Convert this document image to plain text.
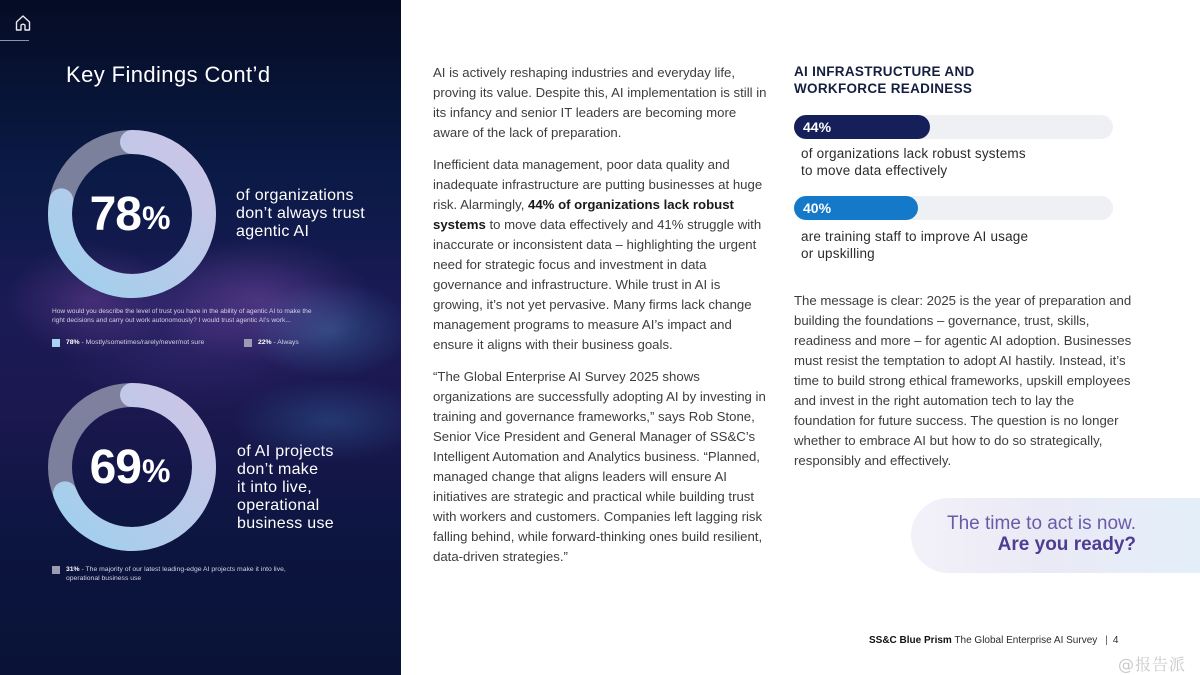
Key Findings Cont’d
78 %
of organizations
don’t always trust
agentic AI
How would you describe the level of trust you have in the ability of agentic AI to make the right decisions and carry out work autonomously? I would trust agentic AI’s work...
78% - Mostly/sometimes/rarely/never/not sure	22% - Always
69 %
of AI projects
don’t make
it into live,
operational
business use
31% - The majority of our latest leading-edge AI projects make it into live, operational business use

AI is actively reshaping industries and everyday life, proving its value. Despite this, AI implementation is still in its infancy and senior IT leaders are becoming more aware of the lack of preparation.

Inefficient data management, poor data quality and inadequate infrastructure are putting businesses at huge risk. Alarmingly, 44% of organizations lack robust systems to move data effectively and 41% struggle with inaccurate or inconsistent data – highlighting the urgent need for strategic focus and investment in data governance and infrastructure. While trust in AI is growing, it’s not yet pervasive. Many firms lack change management programs to measure AI’s impact and ensure it aligns with their business goals.

“The Global Enterprise AI Survey 2025 shows organizations are successfully adopting AI by investing in training and governance frameworks,” says Rob Stone, Senior Vice President and General Manager of SS&C’s Intelligent Automation and Analytics business. “Planned, managed change that aligns leaders will ensure AI initiatives are strategic and practical while building trust with workers and customers. Companies left lagging risk falling behind, while forward-thinking ones build resilient, data-driven strategies.”

AI INFRASTRUCTURE AND
WORKFORCE READINESS
44%
of organizations lack robust systems
to move data effectively
40%
are training staff to improve AI usage
or upskilling
The message is clear: 2025 is the year of preparation and building the foundations – governance, trust, skills, readiness and more – for agentic AI adoption. Businesses must resist the temptation to adopt AI hastily. Instead, it’s time to build strong ethical frameworks, upskill employees and invest in the right automation tech to lay the foundation for future success. The question is no longer whether to embrace AI but how to do so strategically, responsibly and effectively.
The time to act is now.
Are you ready?
SS&C Blue Prism The Global Enterprise AI Survey | 4
@报告派
